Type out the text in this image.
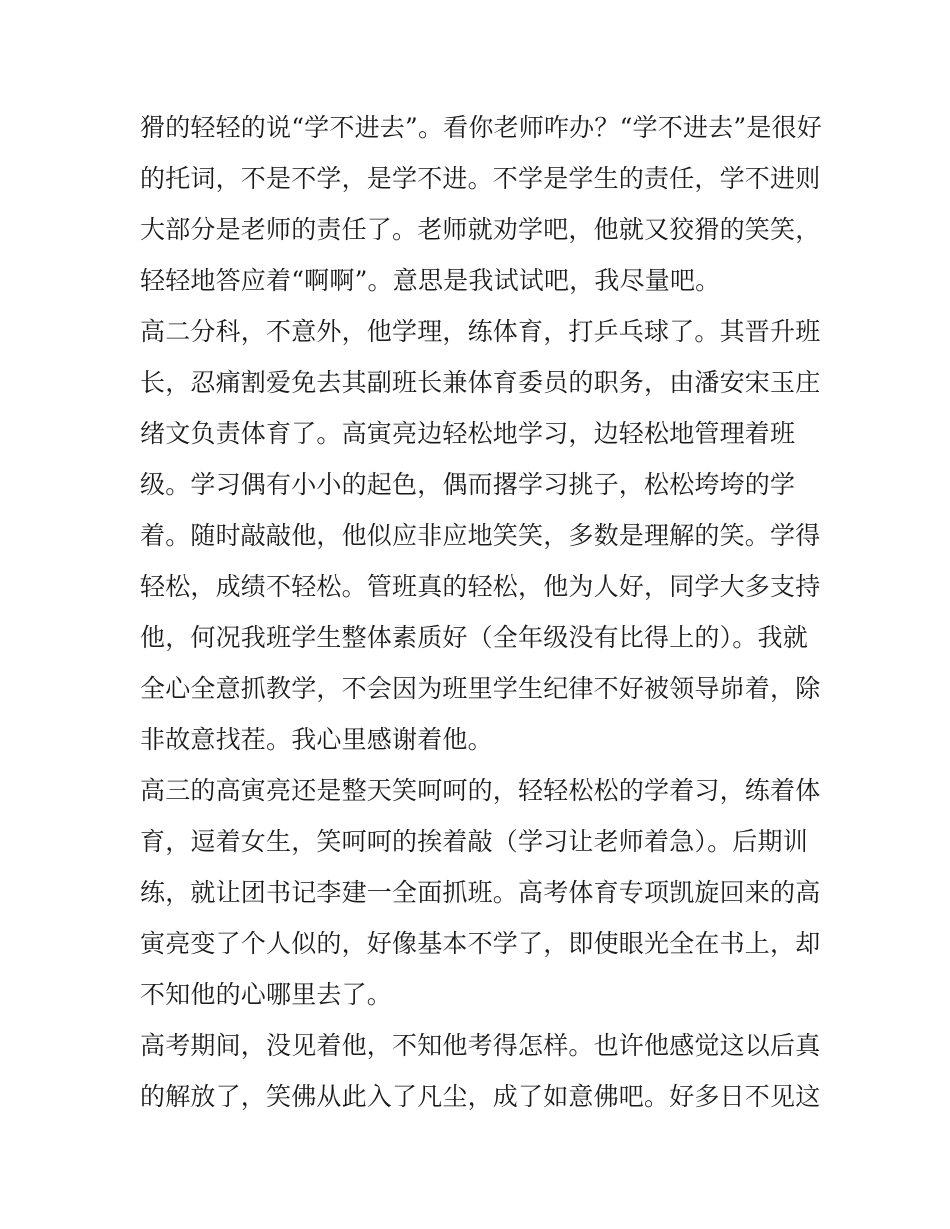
猾的轻轻的说“学不进去”。看你老师咋办？“学不进去”是很好
的托词，不是不学，是学不进。不学是学生的责任，学不进则
大部分是老师的责任了。老师就劝学吧，他就又狡猾的笑笑，
轻轻地答应着“啊啊”。意思是我试试吧，我尽量吧。
高二分科，不意外，他学理，练体育，打乒乓球了。其晋升班
长，忍痛割爱免去其副班长兼体育委员的职务，由潘安宋玉庄
绪文负责体育了。高寅亮边轻松地学习，边轻松地管理着班
级。学习偶有小小的起色，偶而撂学习挑子，松松垮垮的学
着。随时敲敲他，他似应非应地笑笑，多数是理解的笑。学得
轻松，成绩不轻松。管班真的轻松，他为人好，同学大多支持
他，何况我班学生整体素质好（全年级没有比得上的）。我就
全心全意抓教学，不会因为班里学生纪律不好被领导峁着，除
非故意找茬。我心里感谢着他。
高三的高寅亮还是整天笑呵呵的，轻轻松松的学着习，练着体
育，逗着女生，笑呵呵的挨着敲（学习让老师着急）。后期训
练，就让团书记李建一全面抓班。高考体育专项凯旋回来的高
寅亮变了个人似的，好像基本不学了，即使眼光全在书上，却
不知他的心哪里去了。
高考期间，没见着他，不知他考得怎样。也许他感觉这以后真
的解放了，笑佛从此入了凡尘，成了如意佛吧。好多日不见这
